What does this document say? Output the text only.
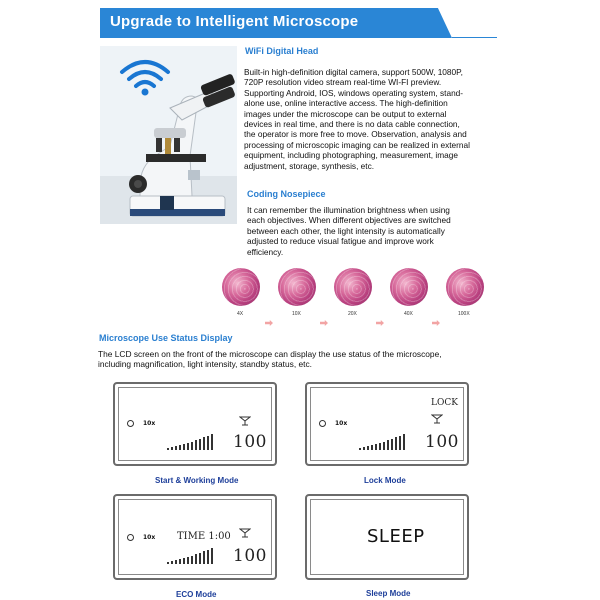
Upgrade to Intelligent Microscope
WiFi Digital Head
Built-in high-definition digital camera, support 500W, 1080P,
720P resolution video stream real-time WI-FI preview.
Supporting Android, IOS, windows operating system, stand-
alone use, online interactive access. The high-definition
images under the microscope can be output to external
devices in real time, and there is no data cable connection,
the operator is more free to move. Observation, analysis and
processing of microscopic imaging can be realized in external
equipment, including photographing, measurement, image
adjustment, storage, synthesis, etc.
Coding Nosepiece
It can remember the illumination brightness when using
each objectives. When different objectives are switched
between each other, the light intensity is automatically
adjusted to reduce visual fatigue and improve work
efficiency.
4X	10X	20X	40X	100X
Microscope Use Status Display
The LCD screen on the front of the microscope can display the use status of the microscope,
including magnification, light intensity, standby status, etc.
10x
100
Start & Working Mode
LOCK
10x
100
Lock Mode
10x TIME 1:00
100
ECO Mode
SLEEP
Sleep Mode
